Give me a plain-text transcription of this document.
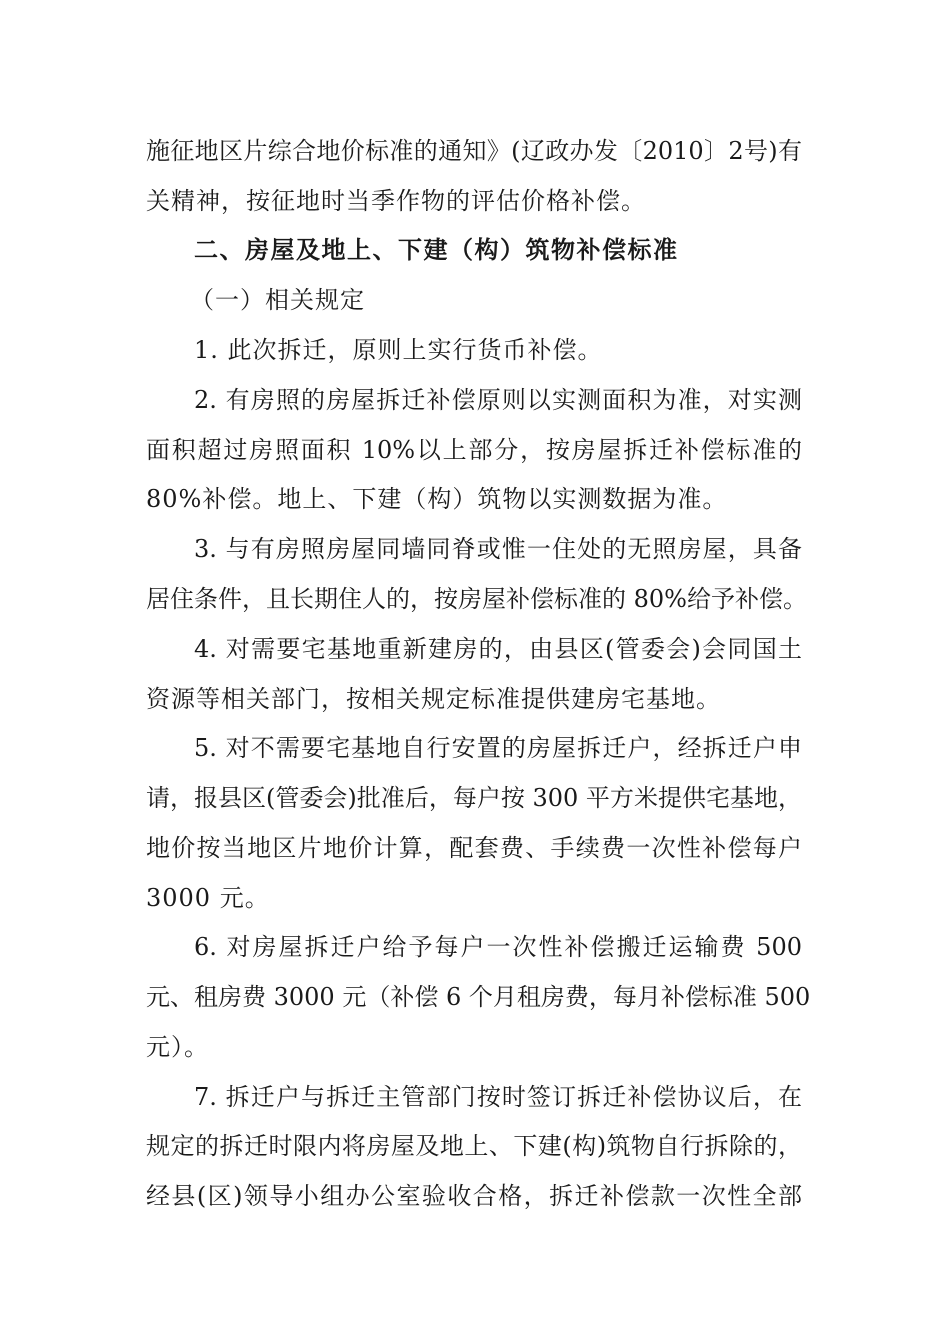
施征地区片综合地价标准的通知》(辽政办发〔2010〕2号)有
关精神，按征地时当季作物的评估价格补偿。
二、房屋及地上、下建（构）筑物补偿标准
（一）相关规定
1. 此次拆迁，原则上实行货币补偿。
2. 有房照的房屋拆迁补偿原则以实测面积为准，对实测
面积超过房照面积 10%以上部分，按房屋拆迁补偿标准的
80%补偿。地上、下建（构）筑物以实测数据为准。
3. 与有房照房屋同墙同脊或惟一住处的无照房屋，具备
居住条件，且长期住人的，按房屋补偿标准的 80%给予补偿。
4. 对需要宅基地重新建房的，由县区(管委会)会同国土
资源等相关部门，按相关规定标准提供建房宅基地。
5. 对不需要宅基地自行安置的房屋拆迁户，经拆迁户申
请，报县区(管委会)批准后，每户按 300 平方米提供宅基地，
地价按当地区片地价计算，配套费、手续费一次性补偿每户
3000 元。
6. 对房屋拆迁户给予每户一次性补偿搬迁运输费 500
元、租房费 3000 元（补偿 6 个月租房费，每月补偿标准 500
元）。
7. 拆迁户与拆迁主管部门按时签订拆迁补偿协议后，在
规定的拆迁时限内将房屋及地上、下建(构)筑物自行拆除的，
经县(区)领导小组办公室验收合格，拆迁补偿款一次性全部
